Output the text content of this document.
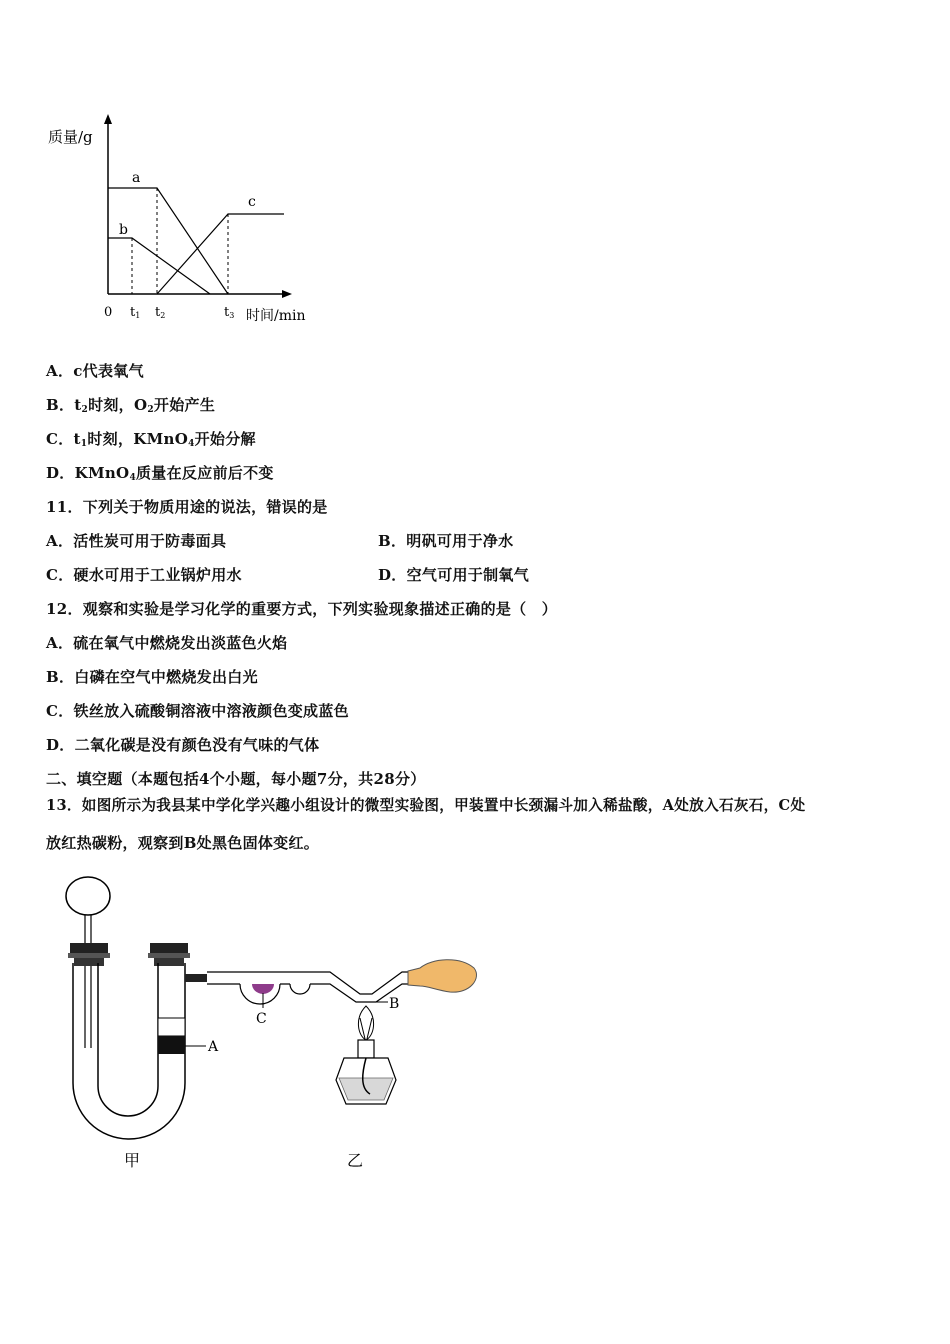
质量/g
时间/min
0 t1 t2	t3
a
b
c
A．c代表氧气
B．$t_2$时刻，$O_2$开始产生
C．$t_1$时刻，KMnO$_4$开始分解
D．KMnO$_4$质量在反应前后不变
11．下列关于物质用途的说法，错误的是
A．活性炭可用于防毒面具	B．明矾可用于净水
C．硬水可用于工业锅炉用水	D．空气可用于制氧气
12．观察和实验是学习化学的重要方式，下列实验现象描述正确的是（　）
A．硫在氧气中燃烧发出淡蓝色火焰
B．白磷在空气中燃烧发出白光
C．铁丝放入硫酸铜溶液中溶液颜色变成蓝色
D．二氧化碳是没有颜色没有气味的气体
二、填空题（本题包括4个小题，每小题7分，共28分）
13．如图所示为我县某中学化学兴趣小组设计的微型实验图，甲装置中长颈漏斗加入稀盐酸，A处放入石灰石，C处
放红热碳粉，观察到B处黑色固体变红。
A
C
B
甲	乙
